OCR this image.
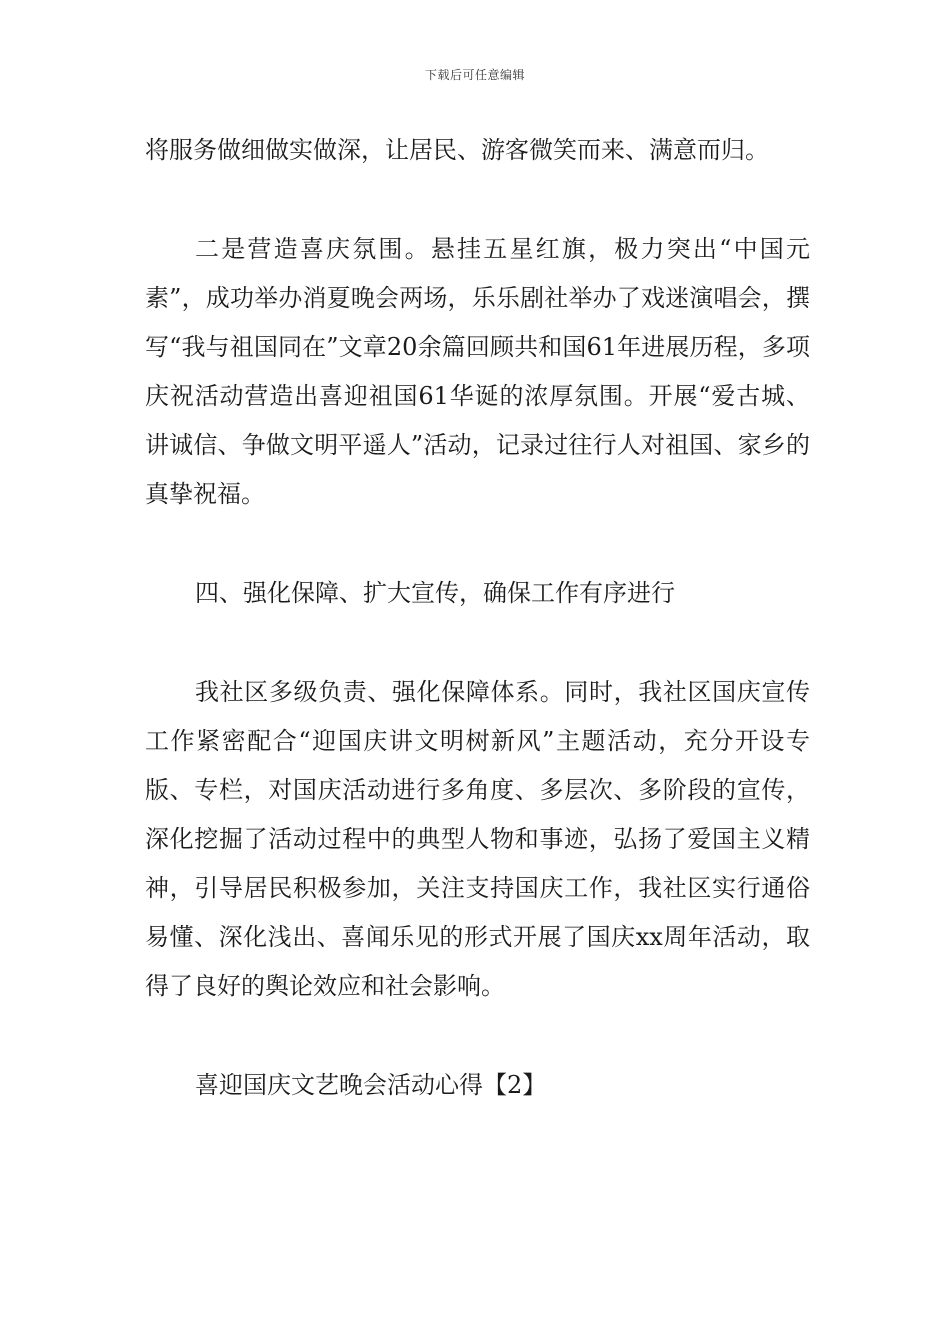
下载后可任意编辑

将服务做细做实做深，让居民、游客微笑而来、满意而归。

二是营造喜庆氛围。悬挂五星红旗，极力突出“中国元素”，成功举办消夏晚会两场，乐乐剧社举办了戏迷演唱会，撰写“我与祖国同在”文章20余篇回顾共和国61年进展历程，多项庆祝活动营造出喜迎祖国61华诞的浓厚氛围。开展“爱古城、讲诚信、争做文明平遥人”活动，记录过往行人对祖国、家乡的真挚祝福。

四、强化保障、扩大宣传，确保工作有序进行

我社区多级负责、强化保障体系。同时，我社区国庆宣传工作紧密配合“迎国庆讲文明树新风”主题活动，充分开设专版、专栏，对国庆活动进行多角度、多层次、多阶段的宣传，深化挖掘了活动过程中的典型人物和事迹，弘扬了爱国主义精神，引导居民积极参加，关注支持国庆工作，我社区实行通俗易懂、深化浅出、喜闻乐见的形式开展了国庆xx周年活动，取得了良好的舆论效应和社会影响。

喜迎国庆文艺晚会活动心得【2】
